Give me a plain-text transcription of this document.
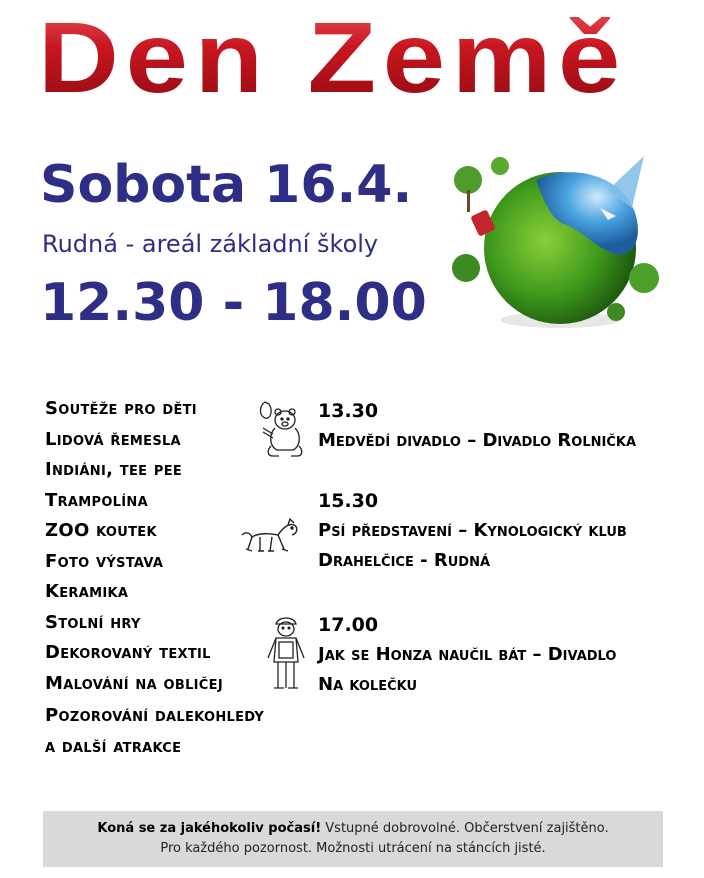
Den Země
Sobota 16.4.
Rudná - areál základní školy
12.30 - 18.00
Soutěže pro děti
Lidová řemesla
Indiáni, tee pee
Trampolína
ZOO koutek
Foto výstava
Keramika
Stolní hry
Dekorovaný textil
Malování na obličej
Pozorování dalekohledy
a další atrakce
13.30
Medvědí divadlo – Divadlo Rolnička
15.30
Psí představení – Kynologický klub
Drahelčice - Rudná
17.00
Jak se Honza naučil bát – Divadlo
Na kolečku
Koná se za jakéhokoliv počasí! Vstupné dobrovolné. Občerstvení zajištěno.
Pro každého pozornost. Možnosti utrácení na stáncích jisté.
